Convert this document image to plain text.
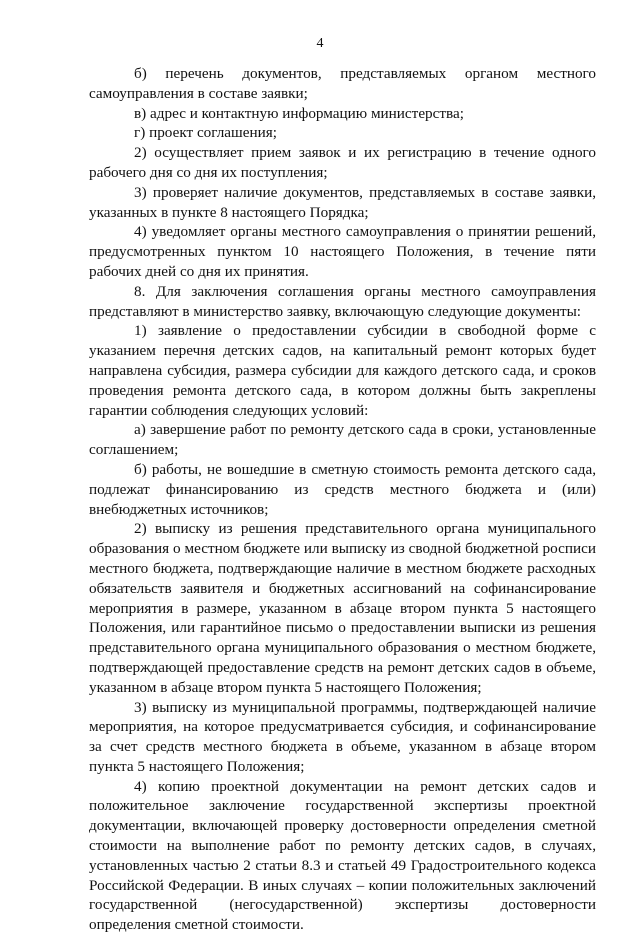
4

б) перечень документов, представляемых органом местного самоуправления в составе заявки;

в) адрес и контактную информацию министерства;

г) проект соглашения;

2) осуществляет прием заявок и их регистрацию в течение одного рабочего дня со дня их поступления;

3) проверяет наличие документов, представляемых в составе заявки, указанных в пункте 8 настоящего Порядка;

4) уведомляет органы местного самоуправления о принятии решений, предусмотренных пунктом 10 настоящего Положения, в течение пяти рабочих дней со дня их принятия.

8. Для заключения соглашения органы местного самоуправления представляют в министерство заявку, включающую следующие документы:

1) заявление о предоставлении субсидии в свободной форме с указанием перечня детских садов, на капитальный ремонт которых будет направлена субсидия, размера субсидии для каждого детского сада, и сроков проведения ремонта детского сада, в котором должны быть закреплены гарантии соблюдения следующих условий:

а) завершение работ по ремонту детского сада в сроки, установленные соглашением;

б) работы, не вошедшие в сметную стоимость ремонта детского сада, подлежат финансированию из средств местного бюджета и (или) внебюджетных источников;

2) выписку из решения представительного органа муниципального образования о местном бюджете или выписку из сводной бюджетной росписи местного бюджета, подтверждающие наличие в местном бюджете расходных обязательств заявителя и бюджетных ассигнований на софинансирование мероприятия в размере, указанном в абзаце втором пункта 5 настоящего Положения, или гарантийное письмо о предоставлении выписки из решения представительного органа муниципального образования о местном бюджете, подтверждающей предоставление средств на ремонт детских садов в объеме, указанном в абзаце втором пункта 5 настоящего Положения;

3) выписку из муниципальной программы, подтверждающей наличие мероприятия, на которое предусматривается субсидия, и софинансирование за счет средств местного бюджета в объеме, указанном в абзаце втором пункта 5 настоящего Положения;

4) копию проектной документации на ремонт детских садов и положительное заключение государственной экспертизы проектной документации, включающей проверку достоверности определения сметной стоимости на выполнение работ по ремонту детских садов, в случаях, установленных частью 2 статьи 8.3 и статьей 49 Градостроительного кодекса Российской Федерации. В иных случаях – копии положительных заключений государственной (негосударственной) экспертизы достоверности определения сметной стоимости.
